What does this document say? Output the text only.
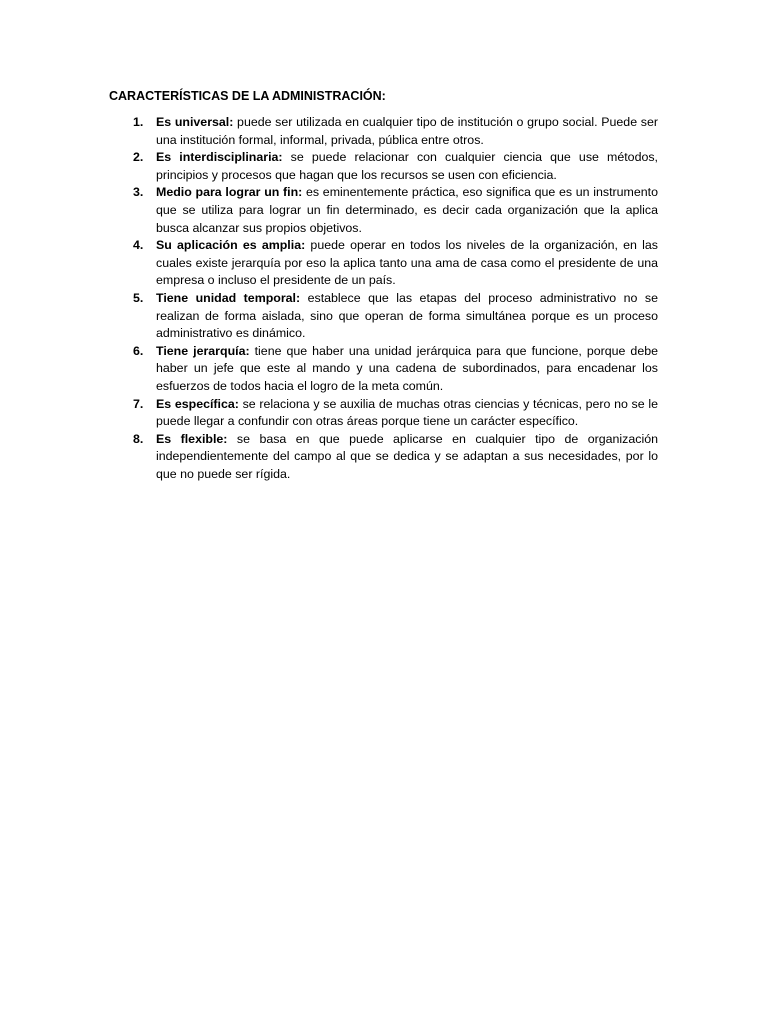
CARACTERÍSTICAS DE LA ADMINISTRACIÓN:
1. Es universal: puede ser utilizada en cualquier tipo de institución o grupo social. Puede ser una institución formal, informal, privada, pública entre otros.
2. Es interdisciplinaria: se puede relacionar con cualquier ciencia que use métodos, principios y procesos que hagan que los recursos se usen con eficiencia.
3. Medio para lograr un fin: es eminentemente práctica, eso significa que es un instrumento que se utiliza para lograr un fin determinado, es decir cada organización que la aplica busca alcanzar sus propios objetivos.
4. Su aplicación es amplia: puede operar en todos los niveles de la organización, en las cuales existe jerarquía por eso la aplica tanto una ama de casa como el presidente de una empresa o incluso el presidente de un país.
5. Tiene unidad temporal: establece que las etapas del proceso administrativo no se realizan de forma aislada, sino que operan de forma simultánea porque es un proceso administrativo es dinámico.
6. Tiene jerarquía: tiene que haber una unidad jerárquica para que funcione, porque debe haber un jefe que este al mando y una cadena de subordinados, para encadenar los esfuerzos de todos hacia el logro de la meta común.
7. Es específica: se relaciona y se auxilia de muchas otras ciencias y técnicas, pero no se le puede llegar a confundir con otras áreas porque tiene un carácter específico.
8. Es flexible: se basa en que puede aplicarse en cualquier tipo de organización independientemente del campo al que se dedica y se adaptan a sus necesidades, por lo que no puede ser rígida.
